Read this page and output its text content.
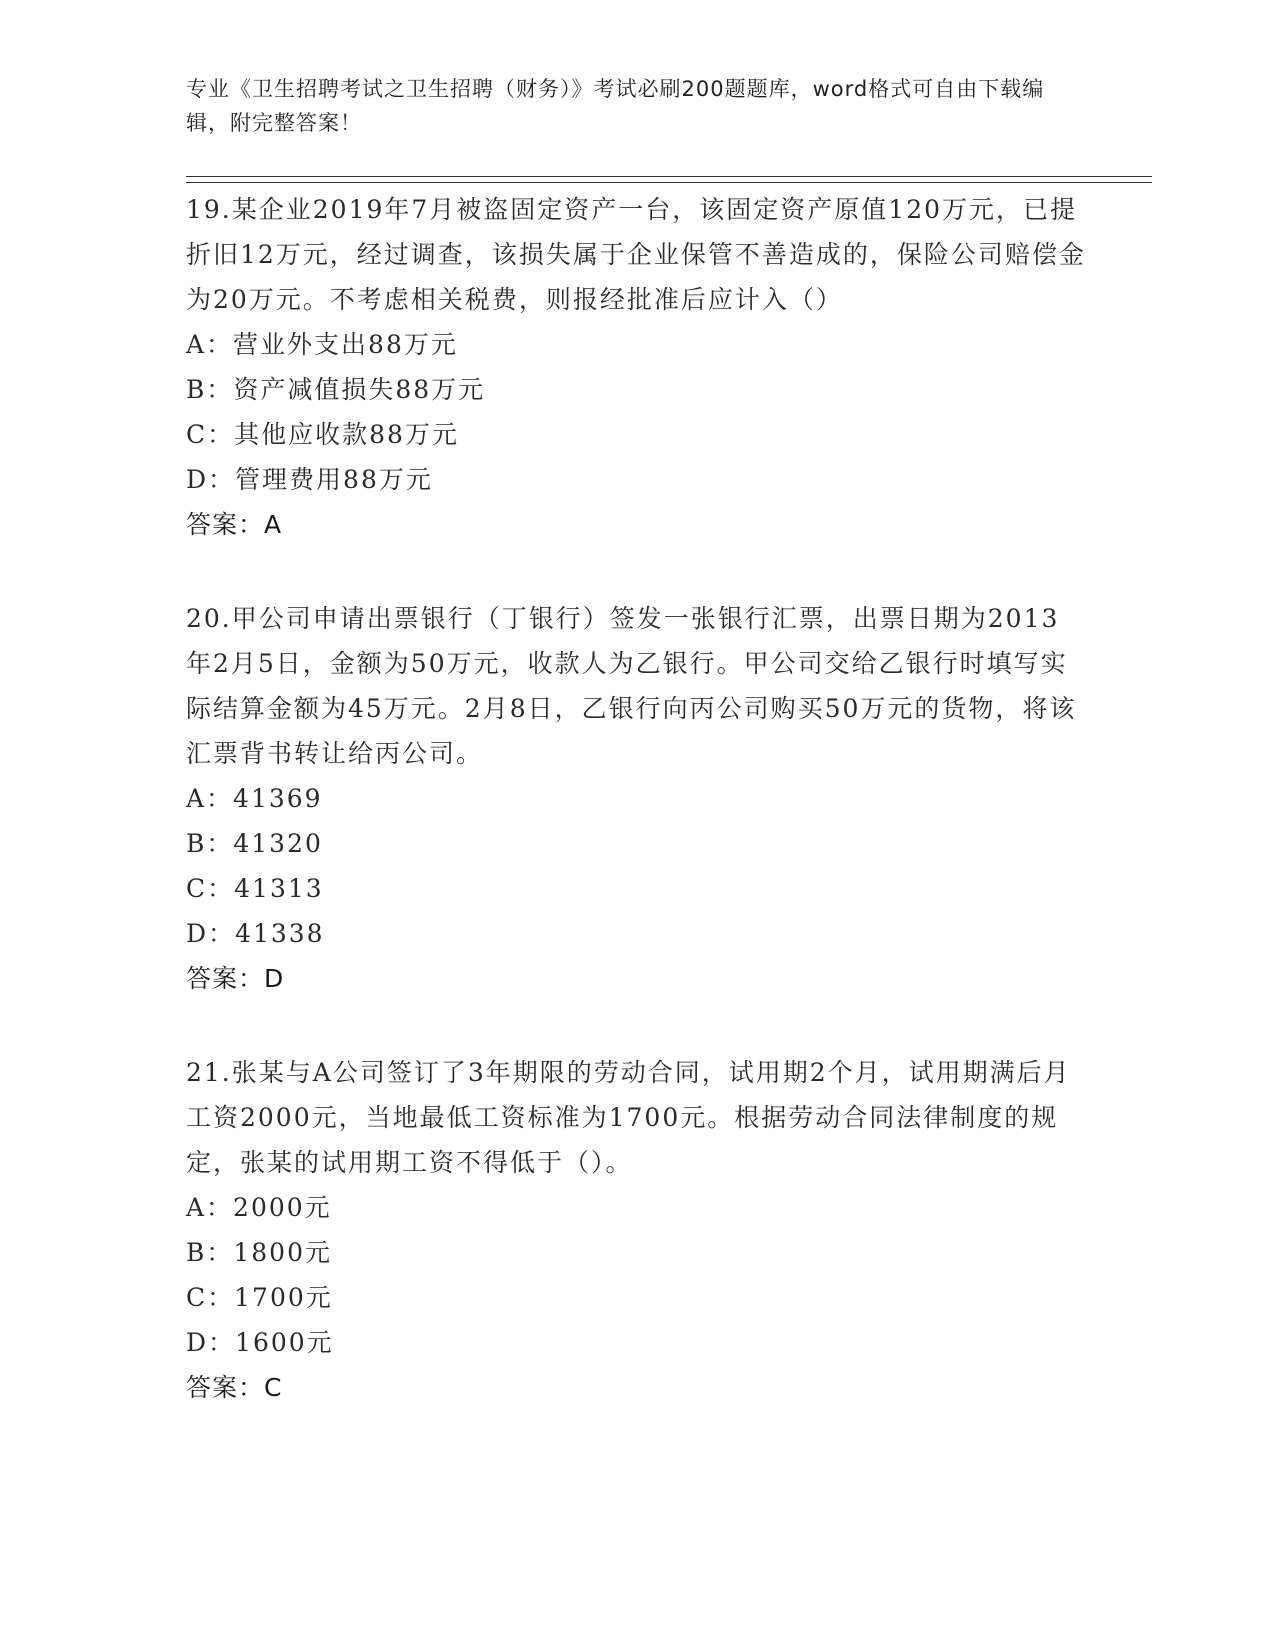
专业《卫生招聘考试之卫生招聘（财务）》考试必刷200题题库，word格式可自由下载编辑，附完整答案！

19.某企业2019年7月被盗固定资产一台，该固定资产原值120万元，已提折旧12万元，经过调查，该损失属于企业保管不善造成的，保险公司赔偿金为20万元。不考虑相关税费，则报经批准后应计入（）

A：营业外支出88万元

B：资产减值损失88万元

C：其他应收款88万元

D：管理费用88万元

答案：A

20.甲公司申请出票银行（丁银行）签发一张银行汇票，出票日期为2013年2月5日，金额为50万元，收款人为乙银行。甲公司交给乙银行时填写实际结算金额为45万元。2月8日，乙银行向丙公司购买50万元的货物，将该汇票背书转让给丙公司。

A：41369

B：41320

C：41313

D：41338

答案：D

21.张某与A公司签订了3年期限的劳动合同，试用期2个月，试用期满后月工资2000元，当地最低工资标准为1700元。根据劳动合同法律制度的规定，张某的试用期工资不得低于（）。

A：2000元

B：1800元

C：1700元

D：1600元

答案：C
